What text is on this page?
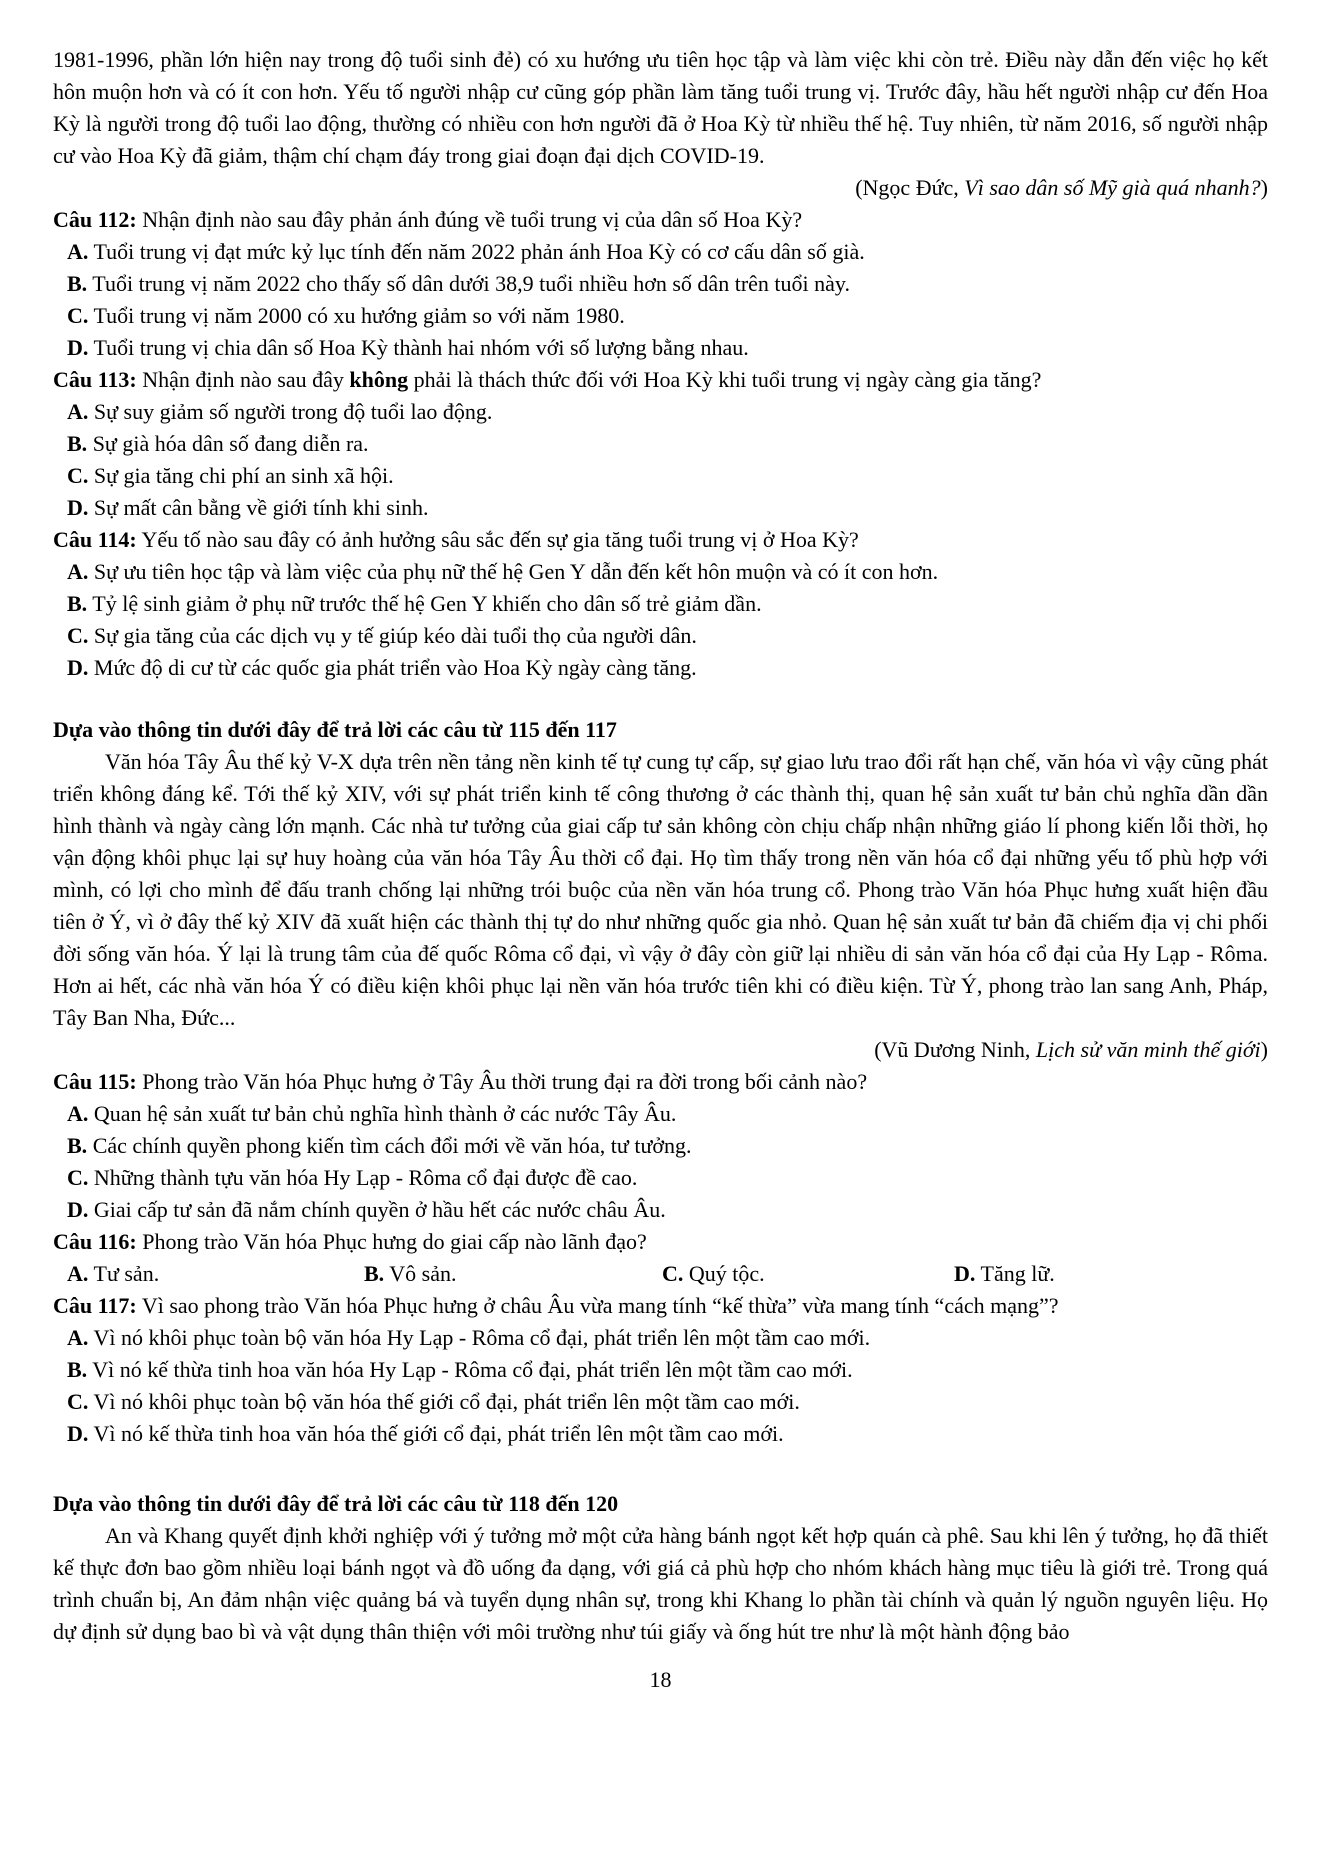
1981-1996, phần lớn hiện nay trong độ tuổi sinh đẻ) có xu hướng ưu tiên học tập và làm việc khi còn trẻ. Điều này dẫn đến việc họ kết hôn muộn hơn và có ít con hơn. Yếu tố người nhập cư cũng góp phần làm tăng tuổi trung vị. Trước đây, hầu hết người nhập cư đến Hoa Kỳ là người trong độ tuổi lao động, thường có nhiều con hơn người đã ở Hoa Kỳ từ nhiều thế hệ. Tuy nhiên, từ năm 2016, số người nhập cư vào Hoa Kỳ đã giảm, thậm chí chạm đáy trong giai đoạn đại dịch COVID-19.

(Ngọc Đức, Vì sao dân số Mỹ già quá nhanh?)

Câu 112: Nhận định nào sau đây phản ánh đúng về tuổi trung vị của dân số Hoa Kỳ?

A. Tuổi trung vị đạt mức kỷ lục tính đến năm 2022 phản ánh Hoa Kỳ có cơ cấu dân số già.

B. Tuổi trung vị năm 2022 cho thấy số dân dưới 38,9 tuổi nhiều hơn số dân trên tuổi này.

C. Tuổi trung vị năm 2000 có xu hướng giảm so với năm 1980.

D. Tuổi trung vị chia dân số Hoa Kỳ thành hai nhóm với số lượng bằng nhau.

Câu 113: Nhận định nào sau đây không phải là thách thức đối với Hoa Kỳ khi tuổi trung vị ngày càng gia tăng?

A. Sự suy giảm số người trong độ tuổi lao động.

B. Sự già hóa dân số đang diễn ra.

C. Sự gia tăng chi phí an sinh xã hội.

D. Sự mất cân bằng về giới tính khi sinh.

Câu 114: Yếu tố nào sau đây có ảnh hưởng sâu sắc đến sự gia tăng tuổi trung vị ở Hoa Kỳ?

A. Sự ưu tiên học tập và làm việc của phụ nữ thế hệ Gen Y dẫn đến kết hôn muộn và có ít con hơn.

B. Tỷ lệ sinh giảm ở phụ nữ trước thế hệ Gen Y khiến cho dân số trẻ giảm dần.

C. Sự gia tăng của các dịch vụ y tế giúp kéo dài tuổi thọ của người dân.

D. Mức độ di cư từ các quốc gia phát triển vào Hoa Kỳ ngày càng tăng.

Dựa vào thông tin dưới đây để trả lời các câu từ 115 đến 117

Văn hóa Tây Âu thế kỷ V-X dựa trên nền tảng nền kinh tế tự cung tự cấp, sự giao lưu trao đổi rất hạn chế, văn hóa vì vậy cũng phát triển không đáng kể. Tới thế kỷ XIV, với sự phát triển kinh tế công thương ở các thành thị, quan hệ sản xuất tư bản chủ nghĩa dần dần hình thành và ngày càng lớn mạnh. Các nhà tư tưởng của giai cấp tư sản không còn chịu chấp nhận những giáo lí phong kiến lỗi thời, họ vận động khôi phục lại sự huy hoàng của văn hóa Tây Âu thời cổ đại. Họ tìm thấy trong nền văn hóa cổ đại những yếu tố phù hợp với mình, có lợi cho mình để đấu tranh chống lại những trói buộc của nền văn hóa trung cổ. Phong trào Văn hóa Phục hưng xuất hiện đầu tiên ở Ý, vì ở đây thế kỷ XIV đã xuất hiện các thành thị tự do như những quốc gia nhỏ. Quan hệ sản xuất tư bản đã chiếm địa vị chi phối đời sống văn hóa. Ý lại là trung tâm của đế quốc Rôma cổ đại, vì vậy ở đây còn giữ lại nhiều di sản văn hóa cổ đại của Hy Lạp - Rôma. Hơn ai hết, các nhà văn hóa Ý có điều kiện khôi phục lại nền văn hóa trước tiên khi có điều kiện. Từ Ý, phong trào lan sang Anh, Pháp, Tây Ban Nha, Đức...

(Vũ Dương Ninh, Lịch sử văn minh thế giới)

Câu 115: Phong trào Văn hóa Phục hưng ở Tây Âu thời trung đại ra đời trong bối cảnh nào?

A. Quan hệ sản xuất tư bản chủ nghĩa hình thành ở các nước Tây Âu.

B. Các chính quyền phong kiến tìm cách đổi mới về văn hóa, tư tưởng.

C. Những thành tựu văn hóa Hy Lạp - Rôma cổ đại được đề cao.

D. Giai cấp tư sản đã nắm chính quyền ở hầu hết các nước châu Âu.

Câu 116: Phong trào Văn hóa Phục hưng do giai cấp nào lãnh đạo?

A. Tư sản.	B. Vô sản.	C. Quý tộc.	D. Tăng lữ.

Câu 117: Vì sao phong trào Văn hóa Phục hưng ở châu Âu vừa mang tính “kế thừa” vừa mang tính “cách mạng”?

A. Vì nó khôi phục toàn bộ văn hóa Hy Lạp - Rôma cổ đại, phát triển lên một tầm cao mới.

B. Vì nó kế thừa tinh hoa văn hóa Hy Lạp - Rôma cổ đại, phát triển lên một tầm cao mới.

C. Vì nó khôi phục toàn bộ văn hóa thế giới cổ đại, phát triển lên một tầm cao mới.

D. Vì nó kế thừa tinh hoa văn hóa thế giới cổ đại, phát triển lên một tầm cao mới.

Dựa vào thông tin dưới đây để trả lời các câu từ 118 đến 120

An và Khang quyết định khởi nghiệp với ý tưởng mở một cửa hàng bánh ngọt kết hợp quán cà phê. Sau khi lên ý tưởng, họ đã thiết kế thực đơn bao gồm nhiều loại bánh ngọt và đồ uống đa dạng, với giá cả phù hợp cho nhóm khách hàng mục tiêu là giới trẻ. Trong quá trình chuẩn bị, An đảm nhận việc quảng bá và tuyển dụng nhân sự, trong khi Khang lo phần tài chính và quản lý nguồn nguyên liệu. Họ dự định sử dụng bao bì và vật dụng thân thiện với môi trường như túi giấy và ống hút tre như là một hành động bảo

18
